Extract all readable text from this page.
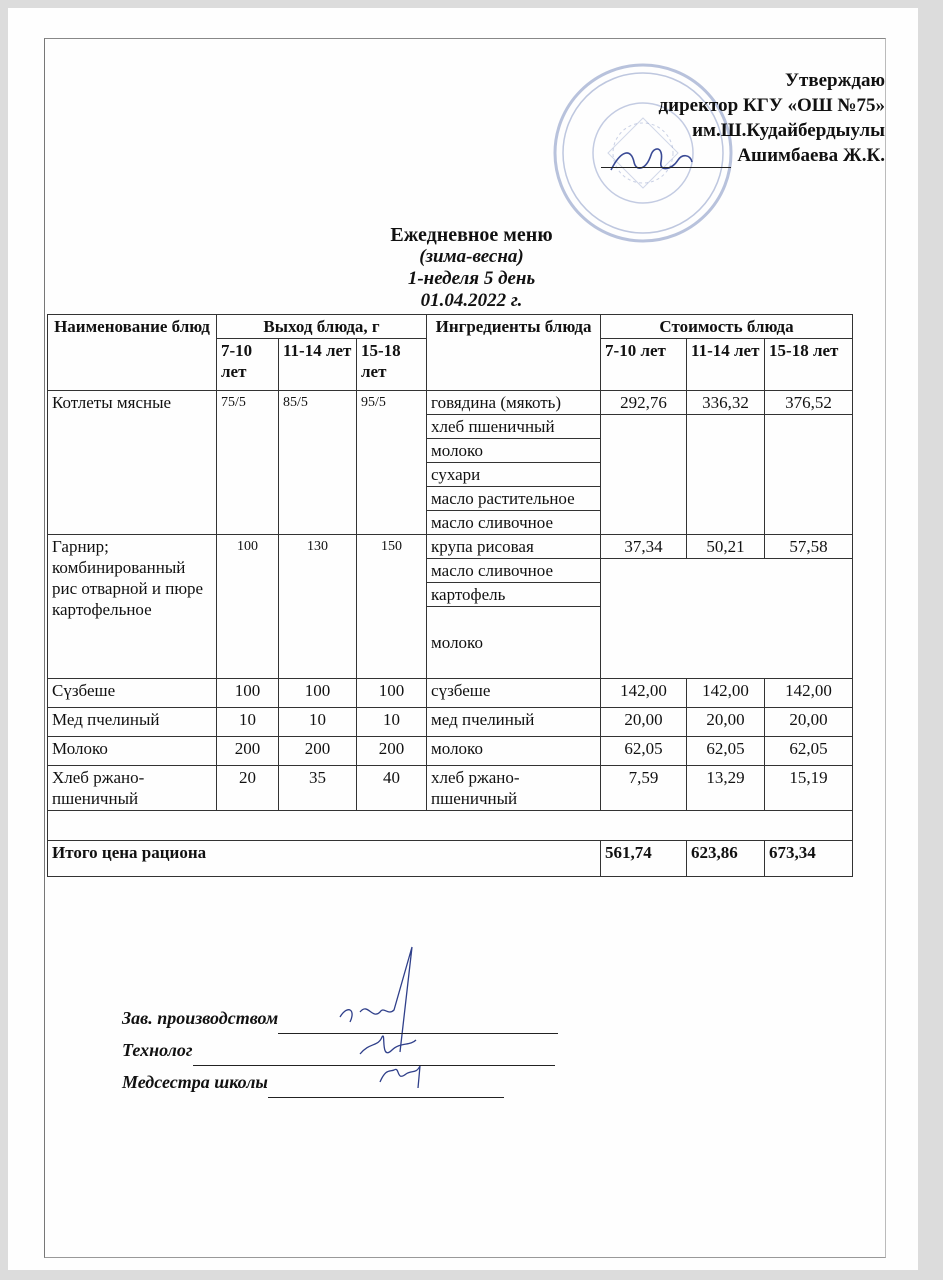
Утверждаю
директор КГУ «ОШ №75»
им.Ш.Кудайбердыулы
Ашимбаева Ж.К.
Ежедневное меню
(зима-весна)
1-неделя 5 день
01.04.2022 г.
Наименование блюд	Выход блюда, г			Ингредиенты блюда	Стоимость блюда		
	7-10 лет	11-14 лет	15-18 лет		7-10 лет	11-14 лет	15-18 лет
Котлеты мясные	75/5	85/5	95/5	говядина (мякоть)	292,76	336,32	376,52
				хлеб пшеничный			
				молоко			
				сухари			
				масло растительное			
				масло сливочное			
Гарнир; комбинированный рис отварной и пюре картофельное	100	130	150	крупа рисовая	37,34	50,21	57,58
				масло сливочное			
				картофель			
				молоко			
Сүзбеше	100	100	100	сүзбеше	142,00	142,00	142,00
Мед пчелиный	10	10	10	мед пчелиный	20,00	20,00	20,00
Молоко	200	200	200	молоко	62,05	62,05	62,05
Хлеб ржано-пшеничный	20	35	40	хлеб ржано-пшеничный	7,59	13,29	15,19

Итого цена рациона					561,74	623,86	673,34
Зав. производством
Технолог
Медсестра школы
